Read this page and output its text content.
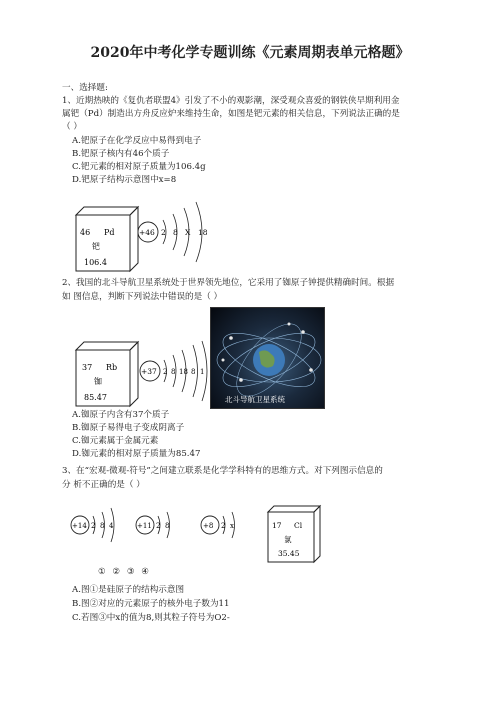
2020年中考化学专题训练《元素周期表单元格题》
一、选择题:
1、近期热映的《复仇者联盟4》引发了不小的观影潮，深受观众喜爱的钢铁侠早期利用金
属钯（Pd）制造出方舟反应炉来维持生命，如图是钯元素的相关信息，下列说法正确的是
（ ）
A.钯原子在化学反应中易得到电子
B.钯原子核内有46个质子
C.钯元素的相对原子质量为106.4g
D.钯原子结构示意图中x=8
46 Pd
钯
106.4
+46 2 8 X 18
2、我国的北斗导航卫星系统处于世界领先地位，它采用了铷原子钟提供精确时间。根据
如 图信息，判断下列说法中错误的是（ ）
37 Rb
铷
85.47
+37 2 8 18 8 1
北斗导航卫星系统
A.铷原子内含有37个质子
B.铷原子易得电子变成阴离子
C.铷元素属于金属元素
D.铷元素的相对原子质量为85.47
3、在“宏观-微观-符号”之间建立联系是化学学科特有的思维方式。对下列图示信息的
分 析不正确的是（ ）
+14 2 8 4	+11 2 8	+8 2 x	17 Cl
氯
35.45
① ② ③ ④
A.图①是硅原子的结构示意图
B.图②对应的元素原子的核外电子数为11
C.若图③中x的值为8,则其粒子符号为O2-
